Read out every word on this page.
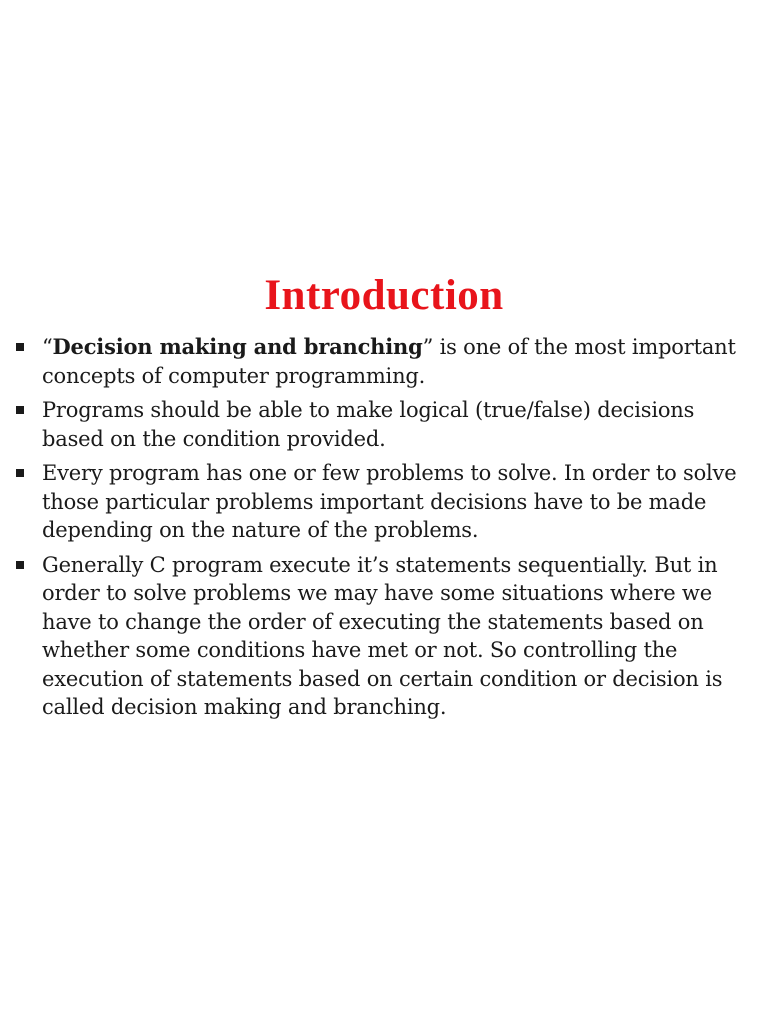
Introduction
“Decision making and branching” is one of the most important concepts of computer programming.
Programs should be able to make logical (true/false) decisions based on the condition provided.
Every program has one or few problems to solve. In order to solve those particular problems important decisions have to be made depending on the nature of the problems.
Generally C program execute it’s statements sequentially. But in order to solve problems we may have some situations where we have to change the order of executing the statements based on whether some conditions have met or not. So controlling the execution of statements based on certain condition or decision is called decision making and branching.
